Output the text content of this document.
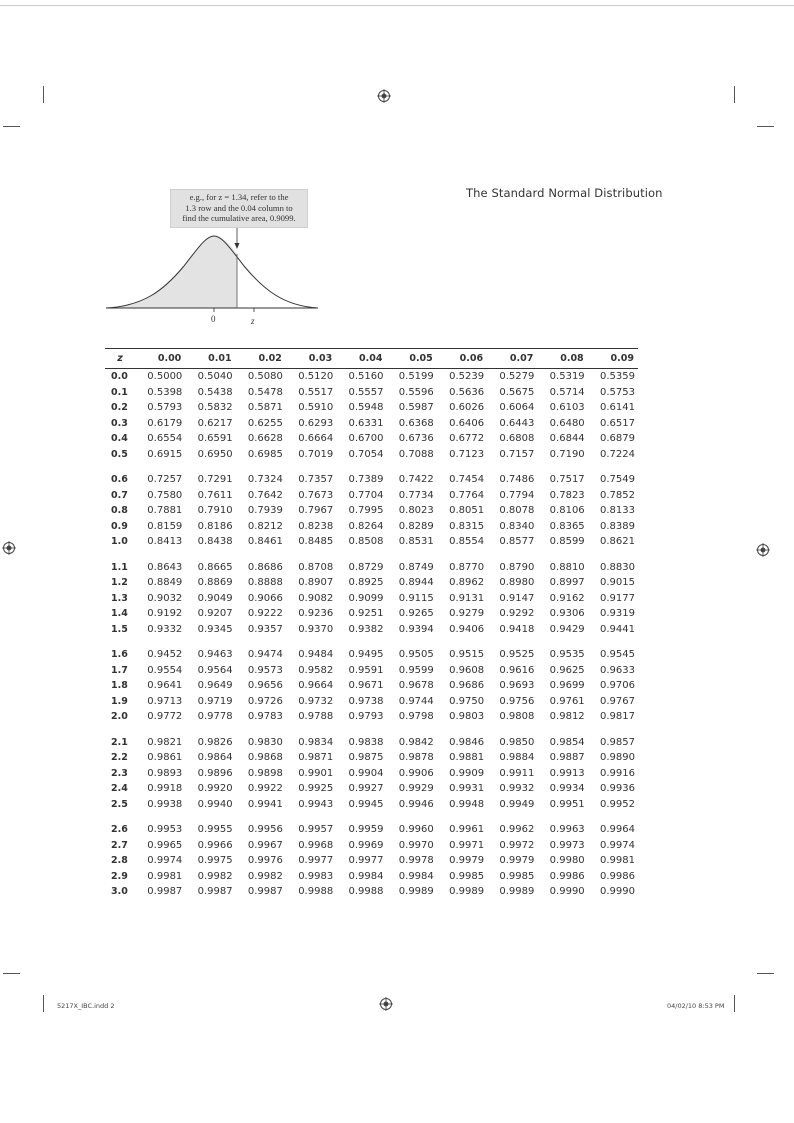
The Standard Normal Distribution
e.g., for z = 1.34, refer to the
1.3 row and the 0.04 column to
find the cumulative area, 0.9099.
0	z
z	0.00	0.01	0.02	0.03	0.04	0.05	0.06	0.07	0.08	0.09
0.0	0.5000	0.5040	0.5080	0.5120	0.5160	0.5199	0.5239	0.5279	0.5319	0.5359
0.1	0.5398	0.5438	0.5478	0.5517	0.5557	0.5596	0.5636	0.5675	0.5714	0.5753
0.2	0.5793	0.5832	0.5871	0.5910	0.5948	0.5987	0.6026	0.6064	0.6103	0.6141
0.3	0.6179	0.6217	0.6255	0.6293	0.6331	0.6368	0.6406	0.6443	0.6480	0.6517
0.4	0.6554	0.6591	0.6628	0.6664	0.6700	0.6736	0.6772	0.6808	0.6844	0.6879
0.5	0.6915	0.6950	0.6985	0.7019	0.7054	0.7088	0.7123	0.7157	0.7190	0.7224

0.6	0.7257	0.7291	0.7324	0.7357	0.7389	0.7422	0.7454	0.7486	0.7517	0.7549
0.7	0.7580	0.7611	0.7642	0.7673	0.7704	0.7734	0.7764	0.7794	0.7823	0.7852
0.8	0.7881	0.7910	0.7939	0.7967	0.7995	0.8023	0.8051	0.8078	0.8106	0.8133
0.9	0.8159	0.8186	0.8212	0.8238	0.8264	0.8289	0.8315	0.8340	0.8365	0.8389
1.0	0.8413	0.8438	0.8461	0.8485	0.8508	0.8531	0.8554	0.8577	0.8599	0.8621

1.1	0.8643	0.8665	0.8686	0.8708	0.8729	0.8749	0.8770	0.8790	0.8810	0.8830
1.2	0.8849	0.8869	0.8888	0.8907	0.8925	0.8944	0.8962	0.8980	0.8997	0.9015
1.3	0.9032	0.9049	0.9066	0.9082	0.9099	0.9115	0.9131	0.9147	0.9162	0.9177
1.4	0.9192	0.9207	0.9222	0.9236	0.9251	0.9265	0.9279	0.9292	0.9306	0.9319
1.5	0.9332	0.9345	0.9357	0.9370	0.9382	0.9394	0.9406	0.9418	0.9429	0.9441

1.6	0.9452	0.9463	0.9474	0.9484	0.9495	0.9505	0.9515	0.9525	0.9535	0.9545
1.7	0.9554	0.9564	0.9573	0.9582	0.9591	0.9599	0.9608	0.9616	0.9625	0.9633
1.8	0.9641	0.9649	0.9656	0.9664	0.9671	0.9678	0.9686	0.9693	0.9699	0.9706
1.9	0.9713	0.9719	0.9726	0.9732	0.9738	0.9744	0.9750	0.9756	0.9761	0.9767
2.0	0.9772	0.9778	0.9783	0.9788	0.9793	0.9798	0.9803	0.9808	0.9812	0.9817

2.1	0.9821	0.9826	0.9830	0.9834	0.9838	0.9842	0.9846	0.9850	0.9854	0.9857
2.2	0.9861	0.9864	0.9868	0.9871	0.9875	0.9878	0.9881	0.9884	0.9887	0.9890
2.3	0.9893	0.9896	0.9898	0.9901	0.9904	0.9906	0.9909	0.9911	0.9913	0.9916
2.4	0.9918	0.9920	0.9922	0.9925	0.9927	0.9929	0.9931	0.9932	0.9934	0.9936
2.5	0.9938	0.9940	0.9941	0.9943	0.9945	0.9946	0.9948	0.9949	0.9951	0.9952

2.6	0.9953	0.9955	0.9956	0.9957	0.9959	0.9960	0.9961	0.9962	0.9963	0.9964
2.7	0.9965	0.9966	0.9967	0.9968	0.9969	0.9970	0.9971	0.9972	0.9973	0.9974
2.8	0.9974	0.9975	0.9976	0.9977	0.9977	0.9978	0.9979	0.9979	0.9980	0.9981
2.9	0.9981	0.9982	0.9982	0.9983	0.9984	0.9984	0.9985	0.9985	0.9986	0.9986
3.0	0.9987	0.9987	0.9987	0.9988	0.9988	0.9989	0.9989	0.9989	0.9990	0.9990
5217X_IBC.indd 2	04/02/10 8:53 PM
